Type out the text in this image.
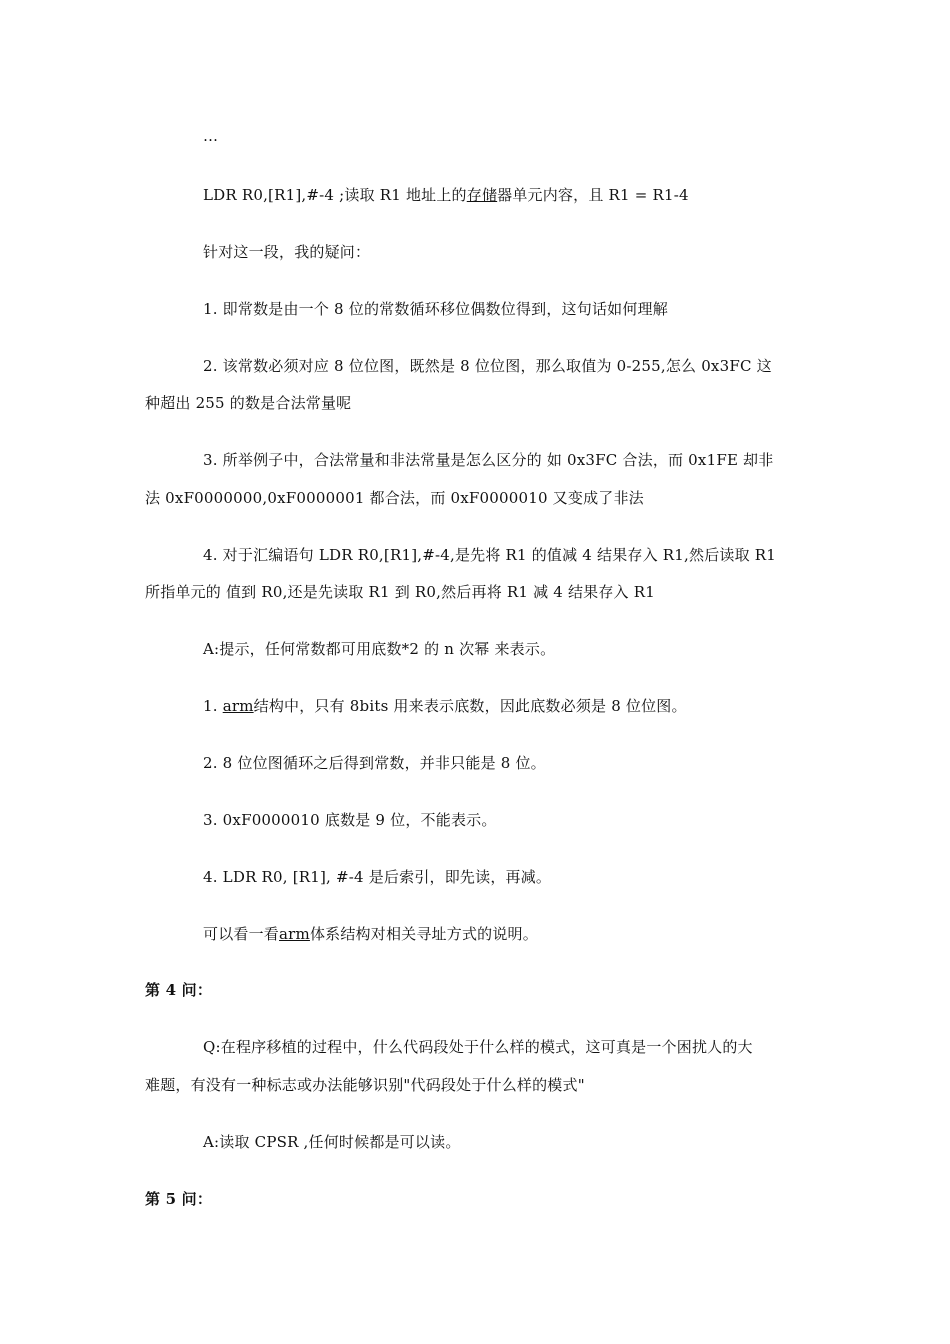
…
LDR R0,[R1],#-4 ;读取 R1 地址上的存储器单元内容，且 R1 = R1-4
针对这一段，我的疑问：
1. 即常数是由一个 8 位的常数循环移位偶数位得到，这句话如何理解
2. 该常数必须对应 8 位位图，既然是 8 位位图，那么取值为 0-255,怎么 0x3FC 这
种超出 255 的数是合法常量呢
3. 所举例子中，合法常量和非法常量是怎么区分的 如 0x3FC 合法，而 0x1FE 却非
法 0xF0000000,0xF0000001 都合法，而 0xF0000010 又变成了非法
4. 对于汇编语句 LDR R0,[R1],#-4,是先将 R1 的值减 4 结果存入 R1,然后读取 R1
所指单元的 值到 R0,还是先读取 R1 到 R0,然后再将 R1 减 4 结果存入 R1
A:提示，任何常数都可用底数*2 的 n 次幂 来表示。
1. arm结构中，只有 8bits 用来表示底数，因此底数必须是 8 位位图。
2. 8 位位图循环之后得到常数，并非只能是 8 位。
3. 0xF0000010 底数是 9 位，不能表示。
4. LDR R0, [R1], #-4 是后索引，即先读，再减。
可以看一看arm体系结构对相关寻址方式的说明。
第 4 问：
Q:在程序移植的过程中，什么代码段处于什么样的模式，这可真是一个困扰人的大
难题，有没有一种标志或办法能够识别"代码段处于什么样的模式"
A:读取 CPSR ,任何时候都是可以读。
第 5 问：
